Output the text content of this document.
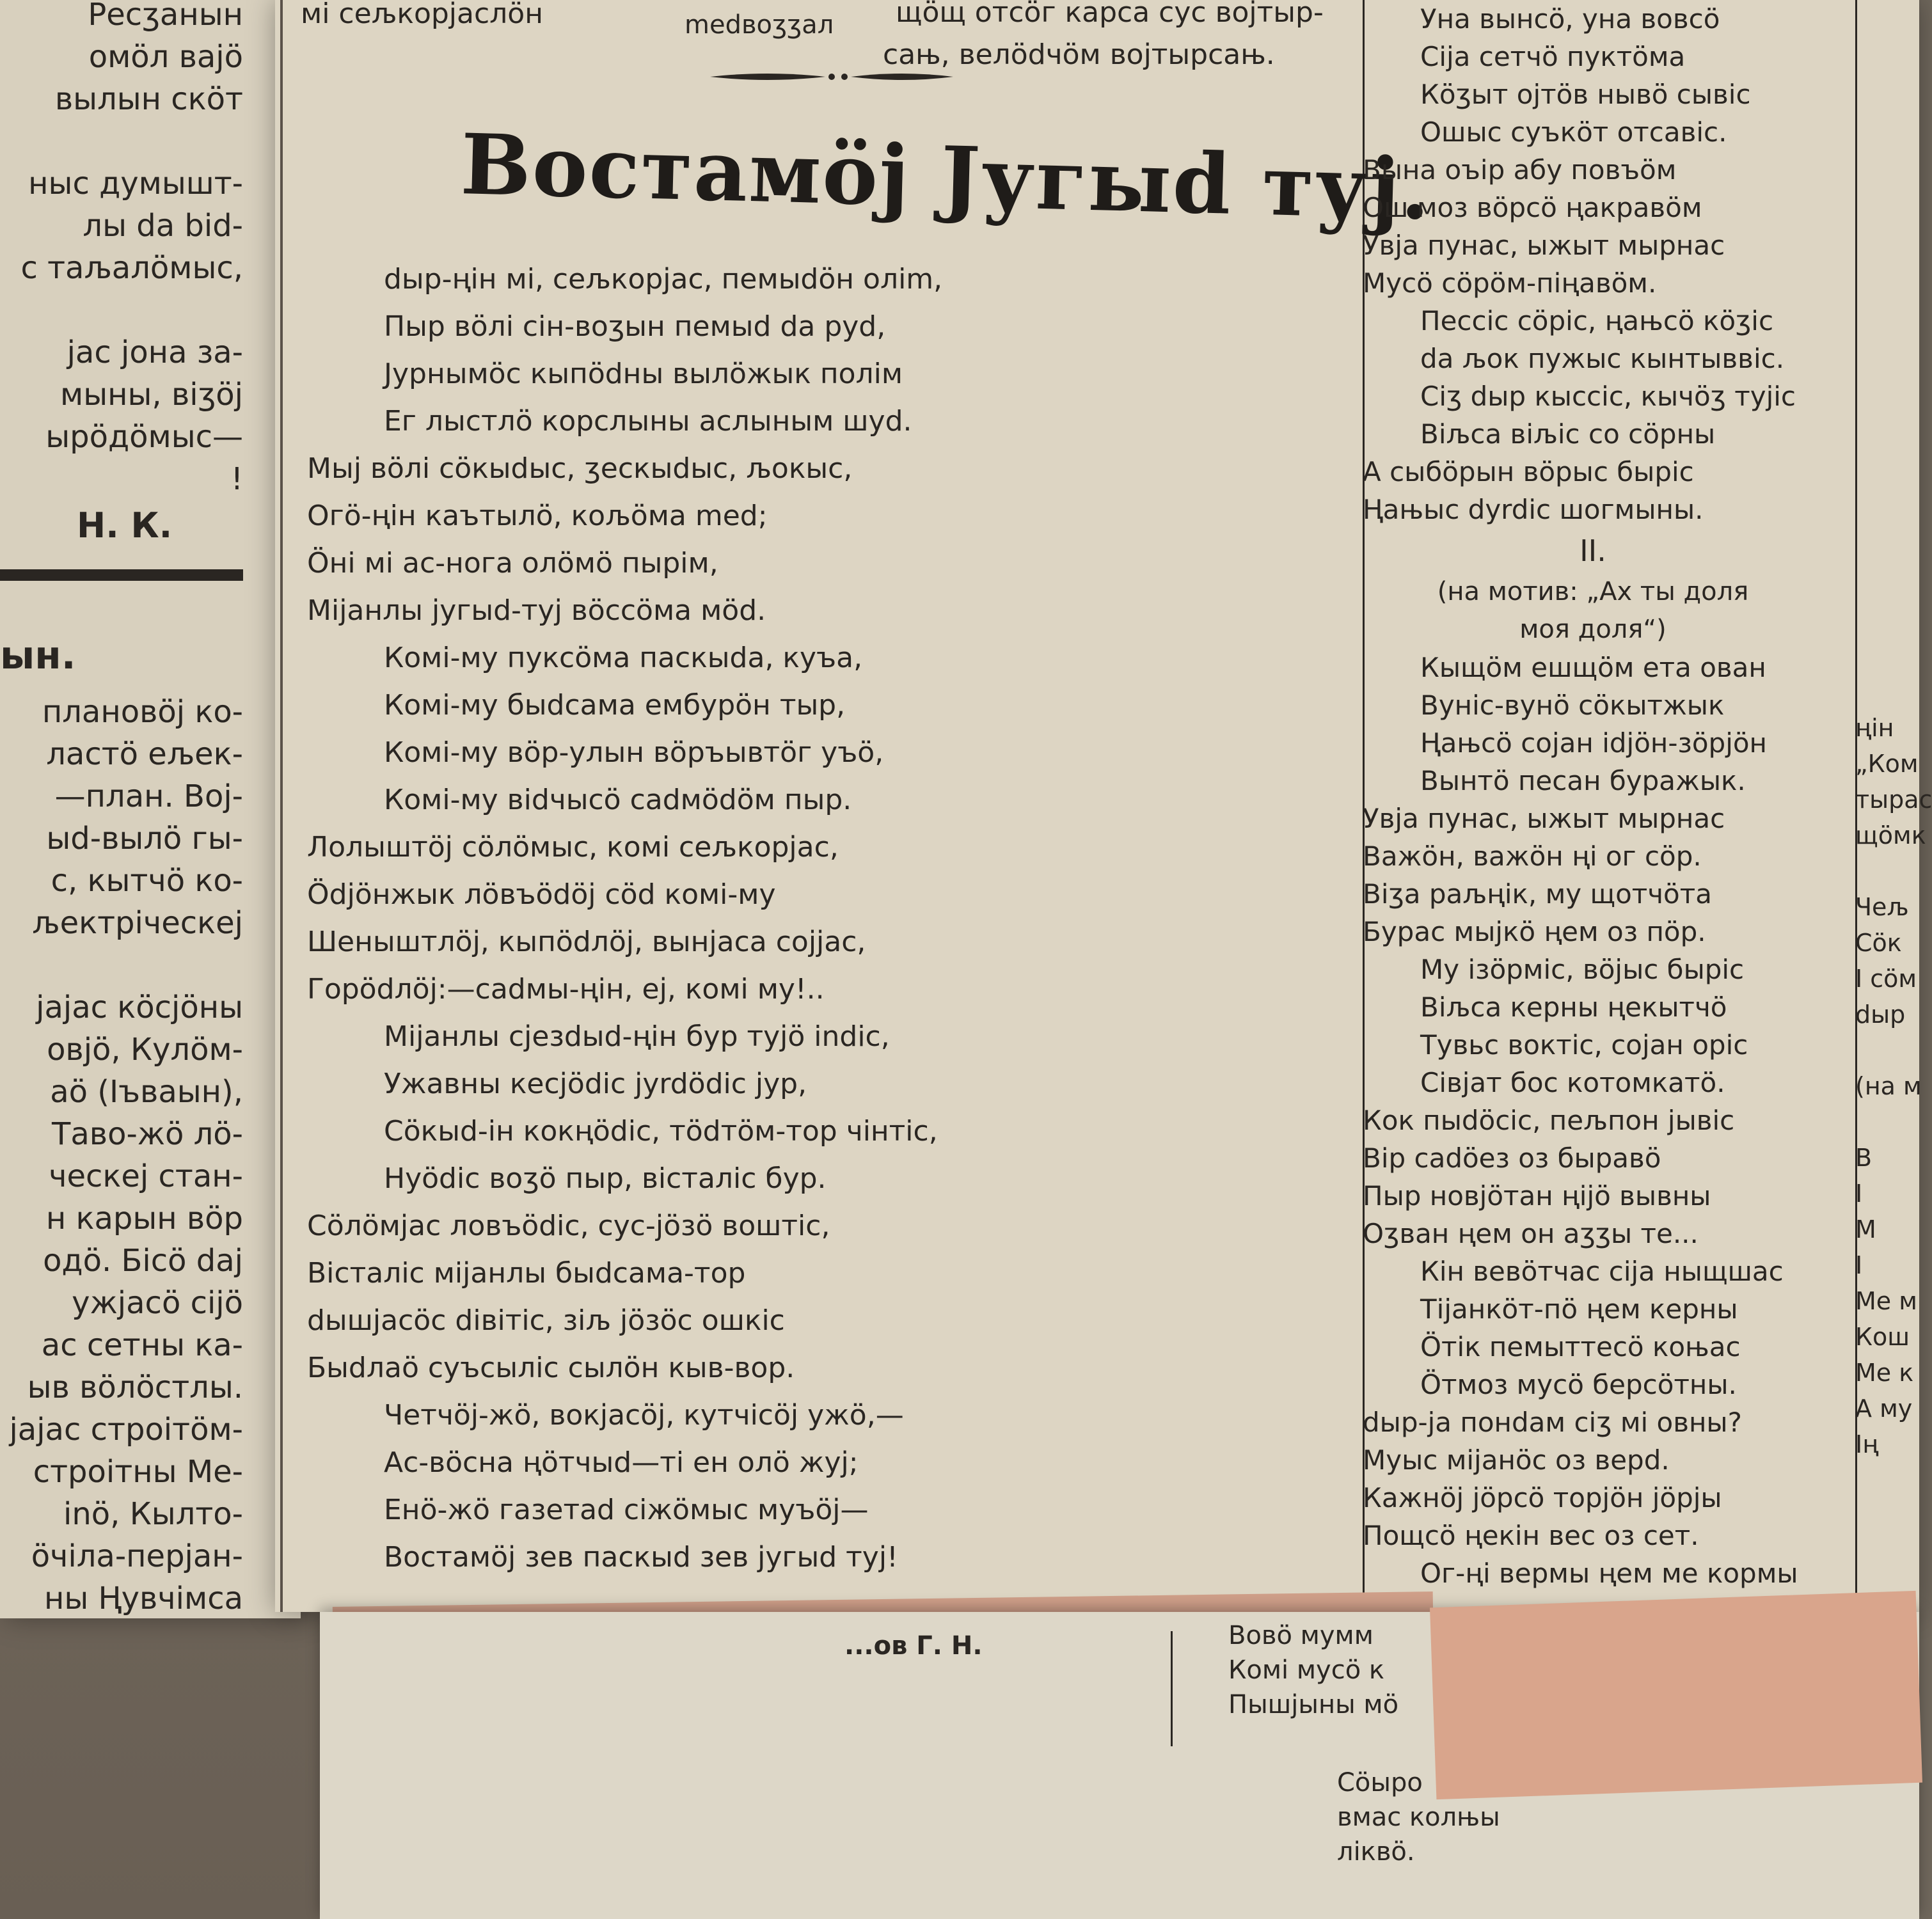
Ресӡанын
омӧл вајӧ
вылын скӧт

ныс думышт-
лы da bid-
с таљалӧмыс,

јас јона за-
мыны, віӡӧј
ырӧдӧмыс—
!
Н. К.
ын.
плановӧј ко-
ластӧ ељек-
—план. Boj-
ыd-вылӧ гы-
с, кытчӧ ко-
љектріческеј

јајас кӧсјӧны
овјӧ, Кулӧм-
аӧ (Іъваын),
Таво-жӧ лӧ-
ческеј стан-
н карын вӧр
одӧ. Бісӧ daj
ужјасӧ сіјӧ
ас сетны ка-
ыв вӧлӧстлы.
јајас строітӧм-
строітны Ме-
іnӧ, Кылто-
ӧчіла-перјан-
ны Ңувчімса
мі сељкорјаслӧн	medвоӡӡал щӧщ отсӧг карса сус војтыр-
сањ, велӧdчӧм војтырсањ.
Востамӧј Југыd туј.
dыр-ңін мі, сељкорјас, пемыdӧн оліm,
Пыр вӧлі сін-воӡын пемыd da рyd,
Јурнымӧс кыпӧdны вылӧжык полім
Ег лыстлӧ корслыны аслыным шуd.
Мыј вӧлі сӧкыdыс, ӡескыdыс, љокыс,
Огӧ-ңін каътылӧ, кољӧма med;
Ӧні мі ас-ногa олӧмӧ пырім,
Міјанлы југыd-туј вӧсcӧма мӧd.
Комі-му пукcӧма паcкыdа, куъа,
Комі-му быdсама ембурӧн тыр,
Комі-му вӧр-улын вӧръывтӧг уъӧ,
Комі-му вidчысӧ саdмӧdӧм пыр.
Лолыштӧј сӧлӧмыс, комі сељкорјас,
Ӧdјӧнжык лӧвъӧdӧј сӧd комі-му
Шеныштлӧј, кыпӧdлӧј, вынјаса сојјас,
Горӧdлӧј:—саdмы-ңін, еј, комі му!..
Міјанлы сјезdыd-ңін бур тујӧ іndic,
Ужавны кесјӧdіс јyrdӧdіс јур,
Сӧкыd-ін кокңӧdіс, тӧdтӧм-тор чінтіс,
Нуӧdіс воӡӧ пыр, вісталіс бур.
Сӧлӧмјас ловъӧdіс, сус-јӧзӧ воштіс,
Вісталіс міјанлы быdсама-тор
dышјасӧс dівітіс, зіљ јӧзӧс ошкіс
Быdлаӧ суъсыліс сылӧн кыв-вор.
Четчӧј-жӧ, вокјасӧј, кутчісӧј ужӧ,—
Ас-вӧсна ңӧтчыd—ті ен олӧ жуј;
Енӧ-жӧ газетаd сіжӧмыс муъӧј—
Востамӧј зев паскыd зев југыd туј!
Уна вынсӧ, уна вовсӧ
Сіја сетчӧ пуктӧма
Кӧӡыт ојтӧв нывӧ сывіс
Ошыс суъкӧт отсавіс.
Вына оъір абу повъӧм
Ош моз вӧрсӧ ңакравӧм
Увја пунас, ыжыт мырнас
Мусӧ сӧрӧм-піңавӧм.
Пеcсіс сӧріс, ңањсӧ кӧӡіс
da љок пужыс кынтыввіс.
Сіӡ dыр кыcсіс, кычӧӡ тујіс
Віљса віљіс со сӧрны
А сыбӧрын вӧрыс быріс
Ңањыс dyrdіс шогмыны.
II.
(на мотив: „Ах ты доля
моя доля“)
Кыщӧм ешщӧм ета ован
Вуніс-вунӧ сӧкытжык
Ңањсӧ сојан іdјӧн-зӧрјӧн
Вынтӧ песан буражык.
Увја пунас, ыжыт мырнас
Важӧн, важӧн ңі ог сӧр.
Віӡа раљңік, му щотчӧта
Бурас мыјкӧ ңем оз пӧр.
Му ізӧрміс, вӧјыс быріс
Віљса керны ңекытчӧ
Тувьс воктіс, сојан оріс
Сівјат бос котомкатӧ.
Кок пыdӧсіс, пељпон јывіс
Вір саdӧез оз быравӧ
Пыр новјӧтан ңіјӧ вывны
Оӡван ңем он аӡӡы те...
Кін вевӧтчас сіја ныщшас
Тіјанкӧт-пӧ ңем керны
Ӧтік пемыттесӧ коњас
Ӧтмоз мусӧ берсӧтны.
dыр-ја понdам сіӡ мі овны?
Муыс міјанӧс оз верd.
Кажнӧј јӧрсӧ торјӧн јӧрјы
Пощсӧ ңекін вес оз сет.
Ог-ңі вермы ңем ме кормы
ңін
„Ком
тырас
щӧмк

Чељ
Сӧк
І сӧм
dыр

(на м

В
І
М
І
Ме м
Кош
Ме к
А му
Ің
...ов Г. Н.	Вовӧ мумм
Комі мусӧ к
Пышјыны мӧ
Сӧыро
вмас колњы
ліквӧ.
